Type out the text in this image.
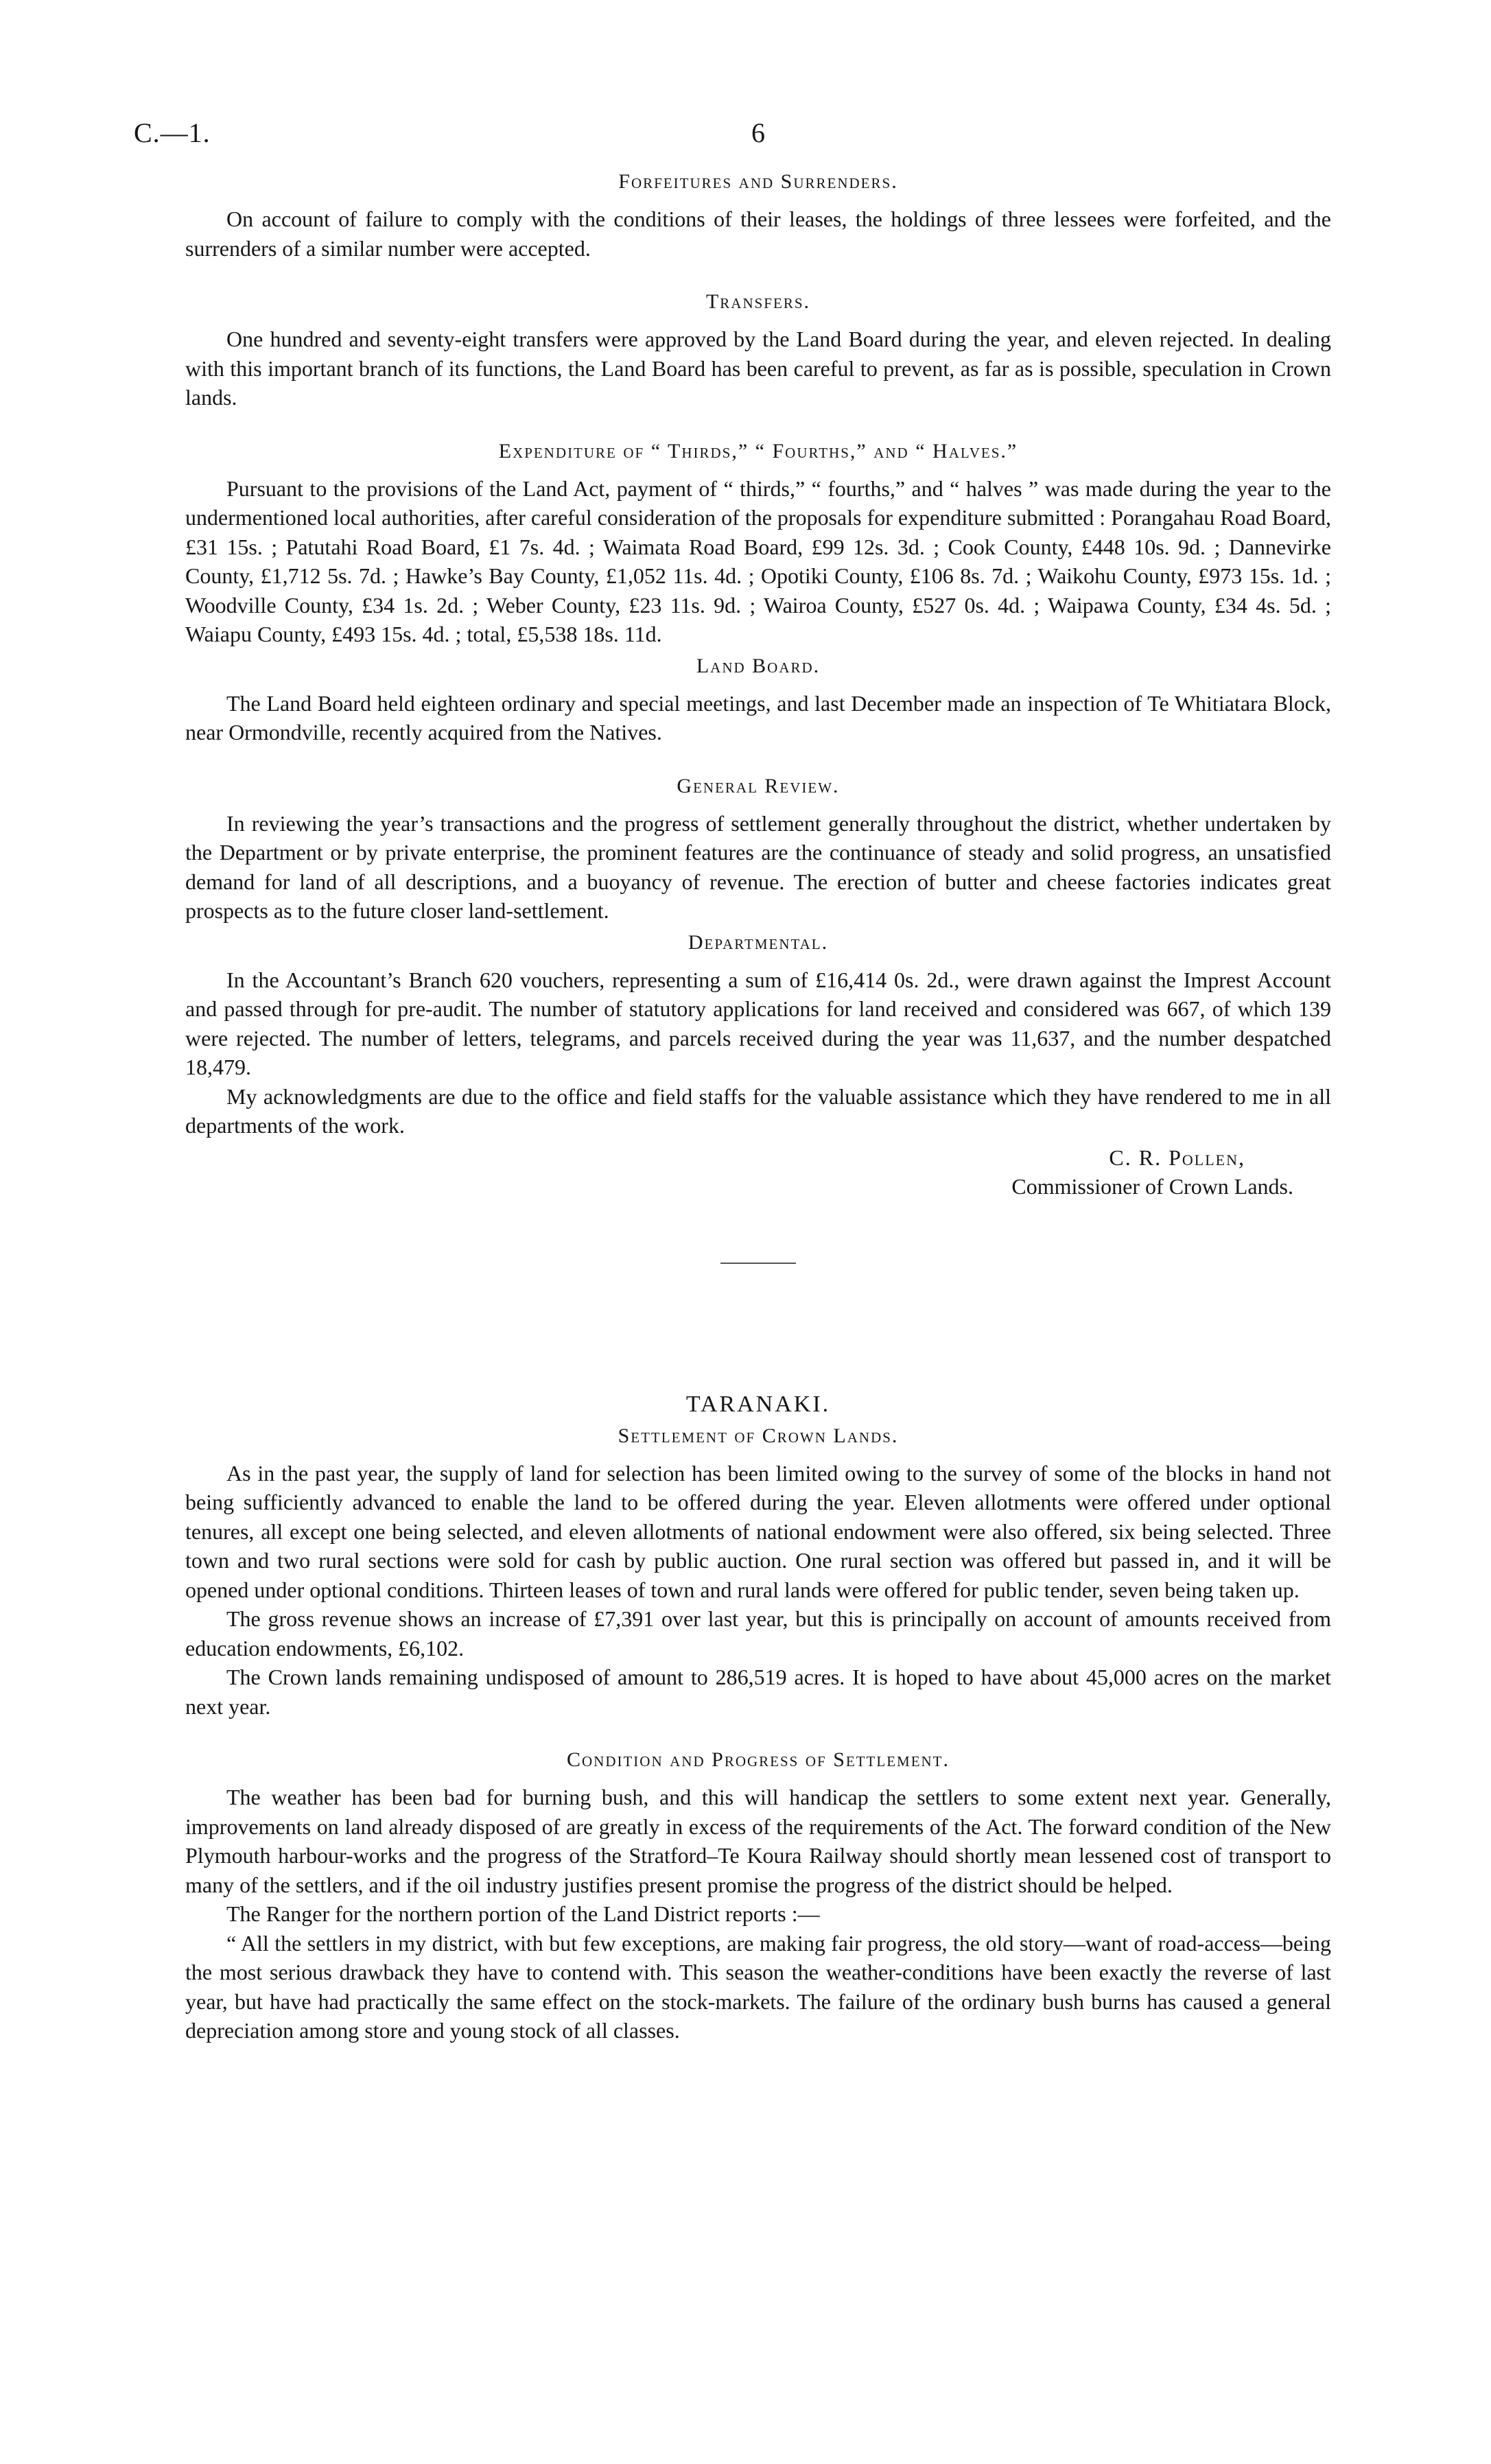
C.—1.	6
Forfeitures and Surrenders.

On account of failure to comply with the conditions of their leases, the holdings of three lessees were forfeited, and the surrenders of a similar number were accepted.

Transfers.

One hundred and seventy-eight transfers were approved by the Land Board during the year, and eleven rejected. In dealing with this important branch of its functions, the Land Board has been careful to prevent, as far as is possible, speculation in Crown lands.

Expenditure of “ Thirds,” “ Fourths,” and “ Halves.”

Pursuant to the provisions of the Land Act, payment of “ thirds,” “ fourths,” and “ halves ” was made during the year to the undermentioned local authorities, after careful consideration of the proposals for expenditure submitted : Porangahau Road Board, £31 15s. ; Patutahi Road Board, £1 7s. 4d. ; Waimata Road Board, £99 12s. 3d. ; Cook County, £448 10s. 9d. ; Dannevirke County, £1,712 5s. 7d. ; Hawke’s Bay County, £1,052 11s. 4d. ; Opotiki County, £106 8s. 7d. ; Waikohu County, £973 15s. 1d. ; Woodville County, £34 1s. 2d. ; Weber County, £23 11s. 9d. ; Wairoa County, £527 0s. 4d. ; Waipawa County, £34 4s. 5d. ; Waiapu County, £493 15s. 4d. ; total, £5,538 18s. 11d.

Land Board.

The Land Board held eighteen ordinary and special meetings, and last December made an inspection of Te Whitiatara Block, near Ormondville, recently acquired from the Natives.

General Review.

In reviewing the year’s transactions and the progress of settlement generally throughout the district, whether undertaken by the Department or by private enterprise, the prominent features are the continuance of steady and solid progress, an unsatisfied demand for land of all descriptions, and a buoyancy of revenue. The erection of butter and cheese factories indicates great prospects as to the future closer land-settlement.

Departmental.

In the Accountant’s Branch 620 vouchers, representing a sum of £16,414 0s. 2d., were drawn against the Imprest Account and passed through for pre-audit. The number of statutory applications for land received and considered was 667, of which 139 were rejected. The number of letters, telegrams, and parcels received during the year was 11,637, and the number despatched 18,479.

My acknowledgments are due to the office and field staffs for the valuable assistance which they have rendered to me in all departments of the work.

C. R. Pollen,
Commissioner of Crown Lands.
TARANAKI.
Settlement of Crown Lands.

As in the past year, the supply of land for selection has been limited owing to the survey of some of the blocks in hand not being sufficiently advanced to enable the land to be offered during the year. Eleven allotments were offered under optional tenures, all except one being selected, and eleven allotments of national endowment were also offered, six being selected. Three town and two rural sections were sold for cash by public auction. One rural section was offered but passed in, and it will be opened under optional conditions. Thirteen leases of town and rural lands were offered for public tender, seven being taken up.

The gross revenue shows an increase of £7,391 over last year, but this is principally on account of amounts received from education endowments, £6,102.

The Crown lands remaining undisposed of amount to 286,519 acres. It is hoped to have about 45,000 acres on the market next year.

Condition and Progress of Settlement.

The weather has been bad for burning bush, and this will handicap the settlers to some extent next year. Generally, improvements on land already disposed of are greatly in excess of the requirements of the Act. The forward condition of the New Plymouth harbour-works and the progress of the Stratford–Te Koura Railway should shortly mean lessened cost of transport to many of the settlers, and if the oil industry justifies present promise the progress of the district should be helped.

The Ranger for the northern portion of the Land District reports :—

“ All the settlers in my district, with but few exceptions, are making fair progress, the old story—want of road-access—being the most serious drawback they have to contend with. This season the weather-conditions have been exactly the reverse of last year, but have had practically the same effect on the stock-markets. The failure of the ordinary bush burns has caused a general depreciation among store and young stock of all classes.
